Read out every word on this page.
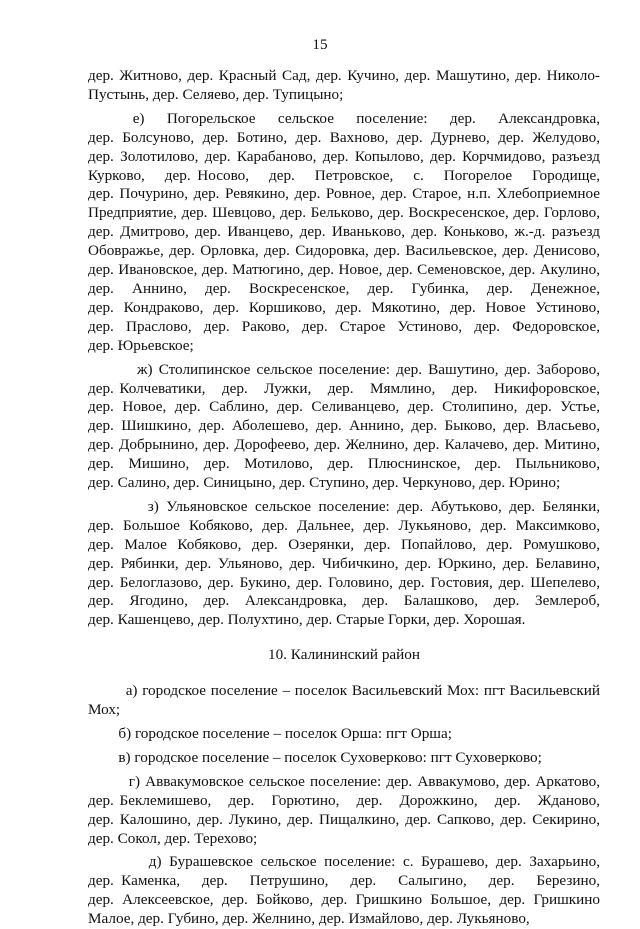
15
дер. Житново, дер. Красный Сад, дер. Кучино, дер. Машутино, дер. Николо-
Пустынь, дер. Селяево, дер. Тупицыно;
е)    Погорельское    сельское    поселение:    дер.    Александровка,
дер. Болсуново, дер. Ботино, дер. Вахново, дер. Дурнево, дер. Желудово,
дер. Золотилово, дер. Карабаново, дер. Копылово, дер. Корчмидово, разъезд
Курково,   дер. Носово,   дер.   Петровское,   с.   Погорелое   Городище,
дер. Почурино, дер. Ревякино, дер. Ровное, дер. Старое, н.п. Хлебоприемное
Предприятие, дер. Шевцово, дер. Бельково, дер. Воскресенское, дер. Горлово,
дер. Дмитрово, дер. Иванцево, дер. Иванькoво, дер. Коньково, ж.-д. разъезд
Обовражье, дер. Орловка, дер. Сидоровка, дер. Васильевское, дер. Денисово,
дер. Ивановское, дер. Матюгино, дер. Новое, дер. Семеновское, дер. Акулино,
дер.   Аннино,   дер.   Воскресенское,   дер.   Губинка,   дер.   Денежное,
дер. Кондраково, дер. Коршиково, дер. Мякотино, дер. Новое Устиново,
дер. Праслово, дер. Раково, дер. Старое Устиново, дер. Федоровское,
дер. Юрьевское;
ж) Столипинское сельское поселение: дер. Вашутино, дер. Заборово,
дер. Колчеватики,   дер.   Лужки,   дер.   Мямлино,   дер.   Никифоровское,
дер. Новое, дер. Саблино, дер. Селиванцево, дер. Столипино, дер. Устье,
дер. Шишкино, дер. Аболешево, дер. Аннино, дер. Быково, дер. Власьево,
дер. Добрынино, дер. Дорофеево, дер. Желнино, дер. Калачево, дер. Митино,
дер.   Мишино,   дер.   Мотилово,   дер.   Плюснинское,   дер.   Пыльниково,
дер. Салино, дер. Синицыно, дер. Ступино, дер. Черкуново, дер. Юрино;
з) Ульяновское сельское поселение: дер. Абутьково, дер. Белянки,
дер. Большое Кобяково, дер. Дальнее, дер. Лукьяново, дер. Максимково,
дер. Малое Кобяково, дер. Озерянки, дер. Попайлово, дер. Ромушково,
дер. Рябинки, дер. Ульяново, дер. Чибичкино, дер. Юркино, дер. Белавино,
дер. Белоглазово, дер. Букино, дер. Головино, дер. Гостовия, дер. Шепелево,
дер.   Ягодино,   дер.   Александровка,   дер.   Балашково,   дер.   Землероб,
дер. Кашенцево, дер. Полухтино, дер. Старые Горки, дер. Хорошая.
10. Калининский район
а) городское поселение – поселок Васильевский Мох: пгт Васильевский
Мох;
б) городское поселение – поселок Орша: пгт Орша;
в) городское поселение – поселок Суховерково: пгт Суховерково;
г) Аввакумовское сельское поселение: дер. Аввакумово, дер. Аркатово,
дер. Беклемишево,   дер.   Горютино,   дер.   Дорожкино,   дер.   Жданово,
дер. Калошино, дер. Лукино, дер. Пищалкино, дер. Сапково, дер. Секирино,
дер. Сокол, дер. Терехово;
д) Бурашевское сельское поселение: с. Бурашево, дер. Захарьино,
дер. Каменка,   дер.   Петрушино,   дер.   Салыгино,   дер.   Березино,
дер. Алексеевское, дер. Бойково, дер. Гришкино Большое, дер. Гришкино
Малое, дер. Губино, дер. Желнино, дер. Измайлово, дер. Лукьяново,
